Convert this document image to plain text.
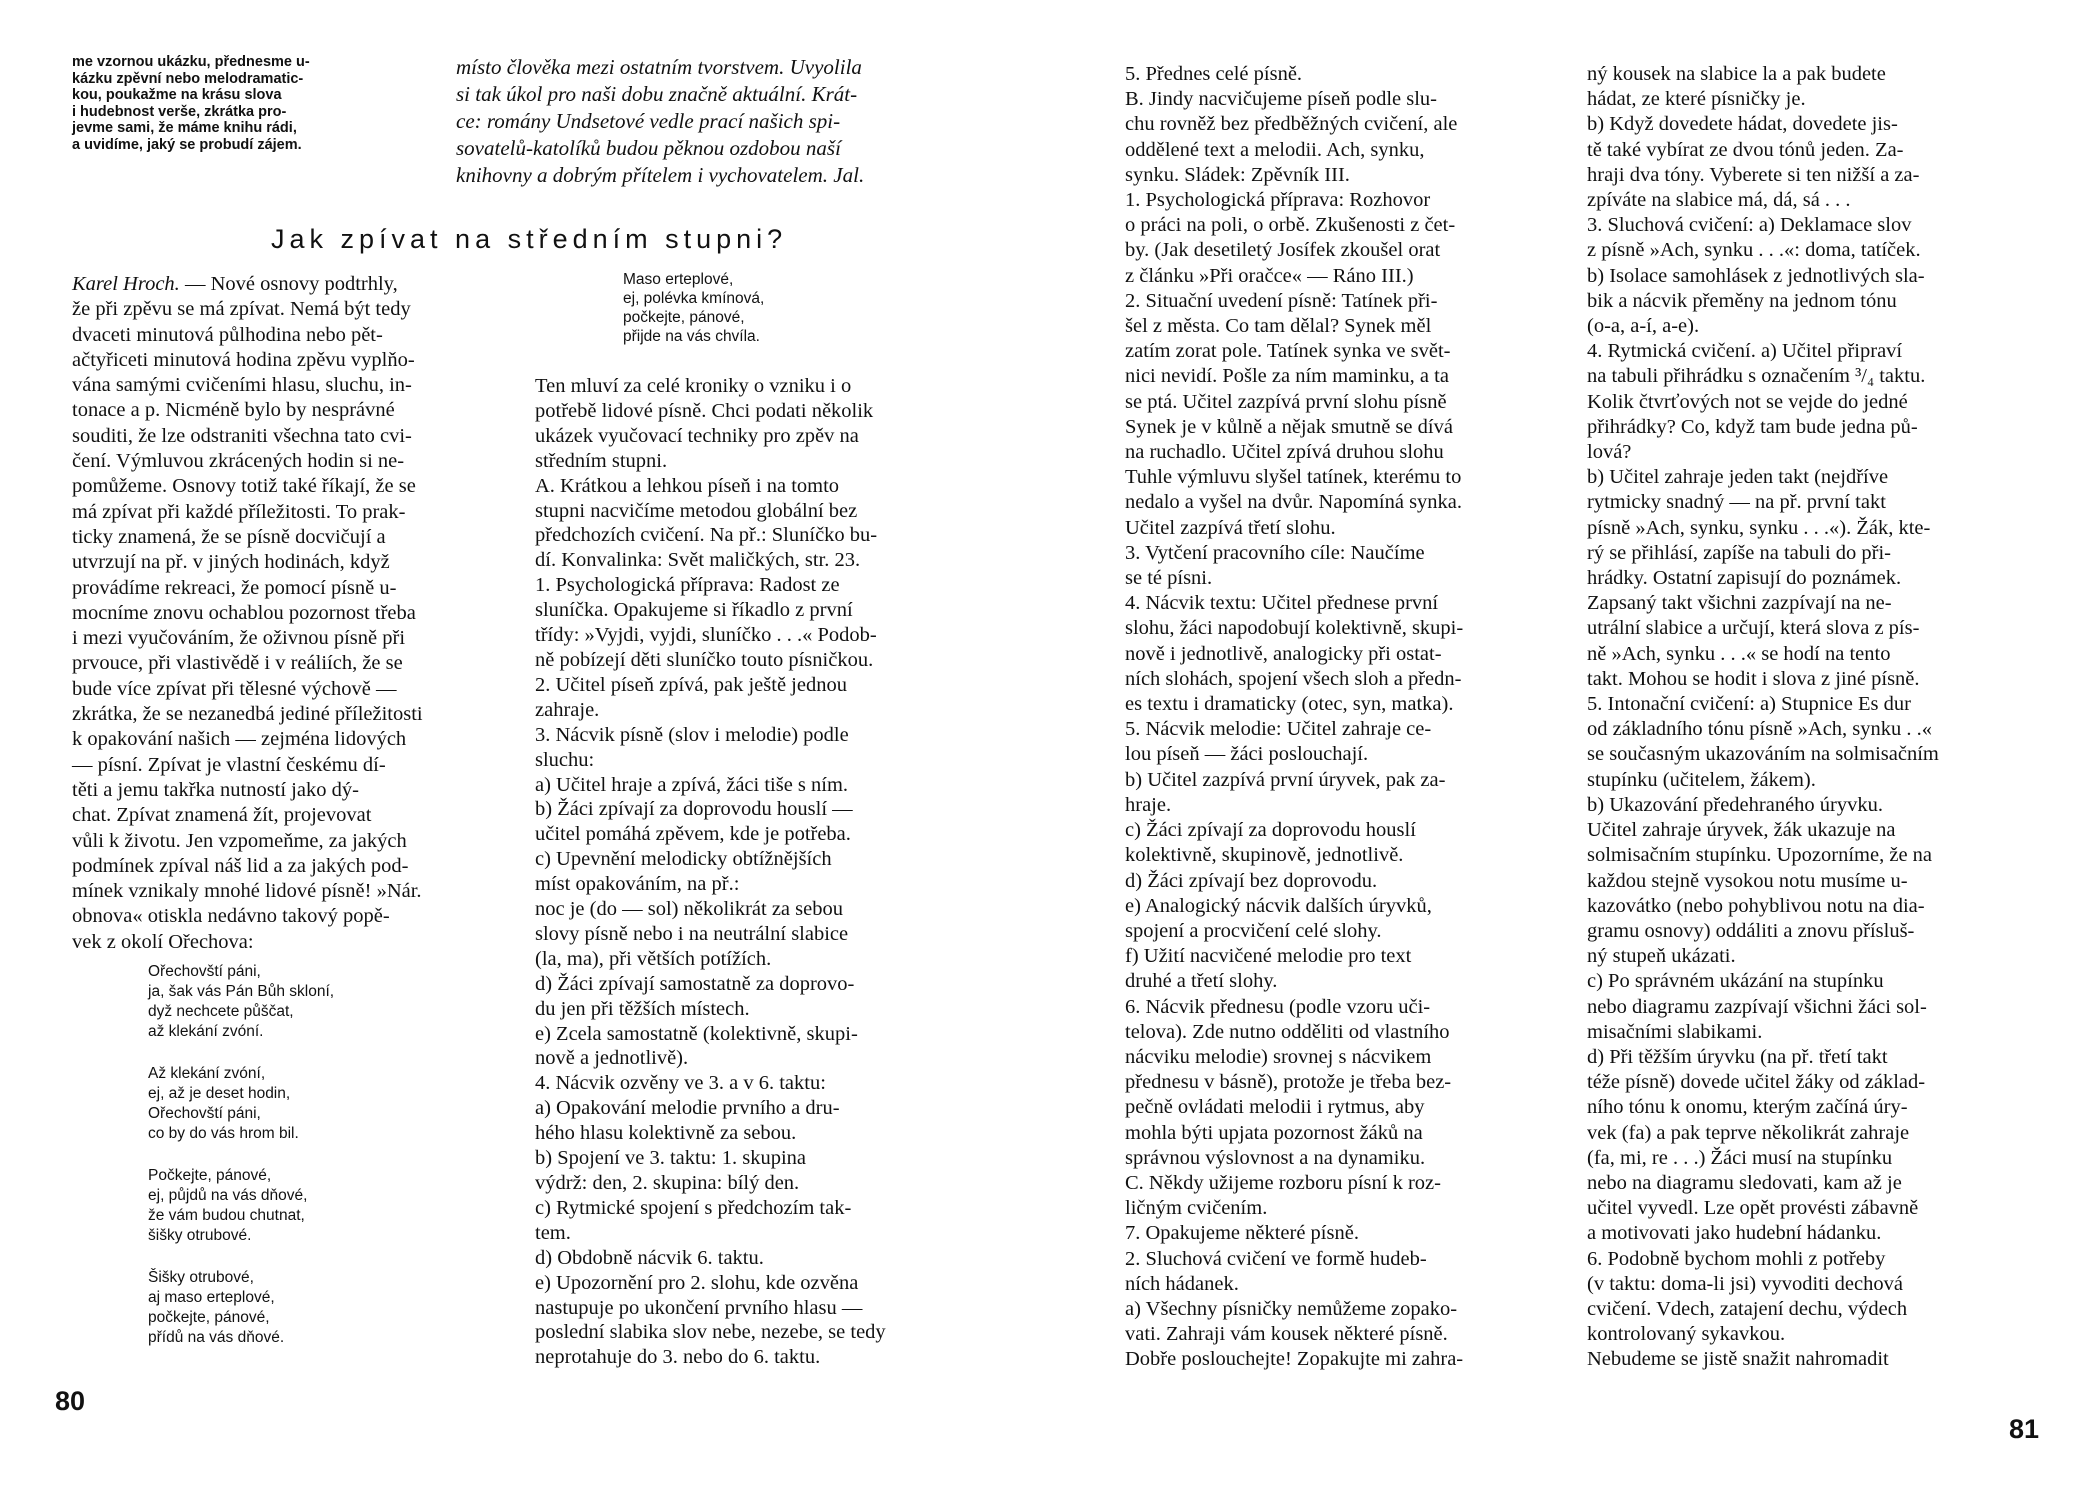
me vzornou ukázku, přednesme u-
kázku zpěvní nebo melodramatic-
kou, poukažme na krásu slova
i hudebnost verše, zkrátka pro-
jevme sami, že máme knihu rádi,
a uvidíme, jaký se probudí zájem.

místo člověka mezi ostatním tvorstvem. Uvyolila
si tak úkol pro naši dobu značně aktuální. Krát-
ce: romány Undsetové vedle prací našich spi-
sovatelů-katolíků budou pěknou ozdobou naší
knihovny a dobrým přítelem i vychovatelem. Jal.

Jak zpívat na středním stupni?

Karel Hroch. — Nové osnovy podtrhly,
že při zpěvu se má zpívat. Nemá být tedy
dvaceti minutová půlhodina nebo pět-
ačtyřiceti minutová hodina zpěvu vyplňo-
vána samými cvičeními hlasu, sluchu, in-
tonace a p. Nicméně bylo by nesprávné
souditi, že lze odstraniti všechna tato cvi-
čení. Výmluvou zkrácených hodin si ne-
pomůžeme. Osnovy totiž také říkají, že se
má zpívat při každé příležitosti. To prak-
ticky znamená, že se písně docvičují a
utvrzují na př. v jiných hodinách, když
provádíme rekreaci, že pomocí písně u-
mocníme znovu ochablou pozornost třeba
i mezi vyučováním, že oživnou písně při
prvouce, při vlastivědě i v reáliích, že se
bude více zpívat při tělesné výchově —
zkrátka, že se nezanedbá jediné příležitosti
k opakování našich — zejména lidových
— písní. Zpívat je vlastní českému dí-
těti a jemu takřka nutností jako dý-
chat. Zpívat znamená žít, projevovat
vůli k životu. Jen vzpomeňme, za jakých
podmínek zpíval náš lid a za jakých pod-
mínek vznikaly mnohé lidové písně! »Nár.
obnova« otiskla nedávno takový popě-
vek z okolí Ořechova:

Ořechovští páni,
ja, šak vás Pán Bůh skloní,
dyž nechcete půščat,
až klekání zvóní.

Až klekání zvóní,
ej, až je deset hodin,
Ořechovští páni,
co by do vás hrom bil.

Počkejte, pánové,
ej, půjdů na vás dňové,
že vám budou chutnat,
šišky otrubové.

Šišky otrubové,
aj maso erteplové,
počkejte, pánové,
přídů na vás dňové.

Maso erteplové,
ej, polévka kmínová,
počkejte, pánové,
přijde na vás chvíla.

Ten mluví za celé kroniky o vzniku i o
potřebě lidové písně. Chci podati několik
ukázek vyučovací techniky pro zpěv na
středním stupni.
A. Krátkou a lehkou píseň i na tomto
stupni nacvičíme metodou globální bez
předchozích cvičení. Na př.: Sluníčko bu-
dí. Konvalinka: Svět maličkých, str. 23.
1. Psychologická příprava: Radost ze
sluníčka. Opakujeme si říkadlo z první
třídy: »Vyjdi, vyjdi, sluníčko . . .« Podob-
ně pobízejí děti sluníčko touto písničkou.
2. Učitel píseň zpívá, pak ještě jednou
zahraje.
3. Nácvik písně (slov i melodie) podle
sluchu:
a) Učitel hraje a zpívá, žáci tiše s ním.
b) Žáci zpívají za doprovodu houslí —
učitel pomáhá zpěvem, kde je potřeba.
c) Upevnění melodicky obtížnějších
míst opakováním, na př.:
noc je (do — sol) několikrát za sebou
slovy písně nebo i na neutrální slabice
(la, ma), při větších potížích.
d) Žáci zpívají samostatně za doprovo-
du jen při těžších místech.
e) Zcela samostatně (kolektivně, skupi-
nově a jednotlivě).
4. Nácvik ozvěny ve 3. a v 6. taktu:
a) Opakování melodie prvního a dru-
hého hlasu kolektivně za sebou.
b) Spojení ve 3. taktu: 1. skupina
výdrž: den, 2. skupina: bílý den.
c) Rytmické spojení s předchozím tak-
tem.
d) Obdobně nácvik 6. taktu.
e) Upozornění pro 2. slohu, kde ozvěna
nastupuje po ukončení prvního hlasu —
poslední slabika slov nebe, nezebe, se tedy
neprotahuje do 3. nebo do 6. taktu.

80

5. Přednes celé písně.
B. Jindy nacvičujeme píseň podle slu-
chu rovněž bez předběžných cvičení, ale
oddělené text a melodii. Ach, synku,
synku. Sládek: Zpěvník III.
1. Psychologická příprava: Rozhovor
o práci na poli, o orbě. Zkušenosti z čet-
by. (Jak desetiletý Josífek zkoušel orat
z článku »Při oračce« — Ráno III.)
2. Situační uvedení písně: Tatínek při-
šel z města. Co tam dělal? Synek měl
zatím zorat pole. Tatínek synka ve svět-
nici nevidí. Pošle za ním maminku, a ta
se ptá. Učitel zazpívá první slohu písně
Synek je v kůlně a nějak smutně se dívá
na ruchadlo. Učitel zpívá druhou slohu
Tuhle výmluvu slyšel tatínek, kterému to
nedalo a vyšel na dvůr. Napomíná synka.
Učitel zazpívá třetí slohu.
3. Vytčení pracovního cíle: Naučíme
se té písni.
4. Nácvik textu: Učitel přednese první
slohu, žáci napodobují kolektivně, skupi-
nově i jednotlivě, analogicky při ostat-
ních slohách, spojení všech sloh a předn-
es textu i dramaticky (otec, syn, matka).
5. Nácvik melodie: Učitel zahraje ce-
lou píseň — žáci poslouchají.
b) Učitel zazpívá první úryvek, pak za-
hraje.
c) Žáci zpívají za doprovodu houslí
kolektivně, skupinově, jednotlivě.
d) Žáci zpívají bez doprovodu.
e) Analogický nácvik dalších úryvků,
spojení a procvičení celé slohy.
f) Užití nacvičené melodie pro text
druhé a třetí slohy.
6. Nácvik přednesu (podle vzoru uči-
telova). Zde nutno odděliti od vlastního
nácviku melodie) srovnej s nácvikem
přednesu v básně), protože je třeba bez-
pečně ovládati melodii i rytmus, aby
mohla býti upjata pozornost žáků na
správnou výslovnost a na dynamiku.
C. Někdy užijeme rozboru písní k roz-
ličným cvičením.
7. Opakujeme některé písně.
2. Sluchová cvičení ve formě hudeb-
ních hádanek.
a) Všechny písničky nemůžeme zopako-
vati. Zahraji vám kousek některé písně.
Dobře poslouchejte! Zopakujte mi zahra-

ný kousek na slabice la a pak budete
hádat, ze které písničky je.
b) Když dovedete hádat, dovedete jis-
tě také vybírat ze dvou tónů jeden. Za-
hraji dva tóny. Vyberete si ten nižší a za-
zpíváte na slabice má, dá, sá . . .
3. Sluchová cvičení: a) Deklamace slov
z písně »Ach, synku . . .«: doma, tatíček.
b) Isolace samohlásek z jednotlivých sla-
bik a nácvik přeměny na jednom tónu
(o-a, a-í, a-e).
4. Rytmická cvičení. a) Učitel připraví
na tabuli přihrádku s označením ³/₄ taktu.
Kolik čtvrťových not se vejde do jedné
přihrádky? Co, když tam bude jedna pů-
lová?
b) Učitel zahraje jeden takt (nejdříve
rytmicky snadný — na př. první takt
písně »Ach, synku, synku . . .«). Žák, kte-
rý se přihlásí, zapíše na tabuli do při-
hrádky. Ostatní zapisují do poznámek.
Zapsaný takt všichni zazpívají na ne-
utrální slabice a určují, která slova z pís-
ně »Ach, synku . . .« se hodí na tento
takt. Mohou se hodit i slova z jiné písně.
5. Intonační cvičení: a) Stupnice Es dur
od základního tónu písně »Ach, synku . .«
se současným ukazováním na solmisačním
stupínku (učitelem, žákem).
b) Ukazování předehraného úryvku.
Učitel zahraje úryvek, žák ukazuje na
solmisačním stupínku. Upozorníme, že na
každou stejně vysokou notu musíme u-
kazovátko (nebo pohyblivou notu na dia-
gramu osnovy) oddáliti a znovu přísluš-
ný stupeň ukázati.
c) Po správném ukázání na stupínku
nebo diagramu zazpívají všichni žáci sol-
misačními slabikami.
d) Při těžším úryvku (na př. třetí takt
téže písně) dovede učitel žáky od základ-
ního tónu k onomu, kterým začíná úry-
vek (fa) a pak teprve několikrát zahraje
(fa, mi, re . . .) Žáci musí na stupínku
nebo na diagramu sledovati, kam až je
učitel vyvedl. Lze opět provésti zábavně
a motivovati jako hudební hádanku.
6. Podobně bychom mohli z potřeby
(v taktu: doma-li jsi) vyvoditi dechová
cvičení. Vdech, zatajení dechu, výdech
kontrolovaný sykavkou.
Nebudeme se jistě snažit nahromadit

81
